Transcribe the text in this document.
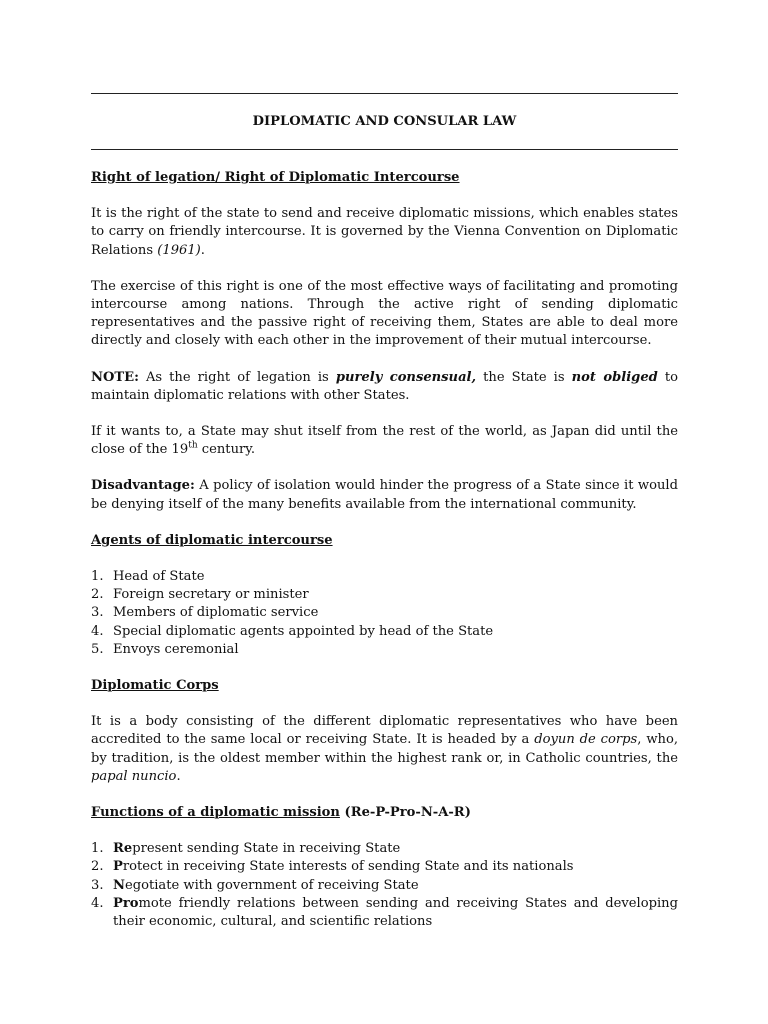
DIPLOMATIC AND CONSULAR LAW

Right of legation/ Right of Diplomatic Intercourse

It is the right of the state to send and receive diplomatic missions, which enables states to carry on friendly intercourse. It is governed by the Vienna Convention on Diplomatic Relations (1961).

The exercise of this right is one of the most effective ways of facilitating and promoting intercourse among nations. Through the active right of sending diplomatic representatives and the passive right of receiving them, States are able to deal more directly and closely with each other in the improvement of their mutual intercourse.

NOTE: As the right of legation is purely consensual, the State is not obliged to maintain diplomatic relations with other States.

If it wants to, a State may shut itself from the rest of the world, as Japan did until the close of the 19th century.

Disadvantage: A policy of isolation would hinder the progress of a State since it would be denying itself of the many benefits available from the international community.

Agents of diplomatic intercourse

1. Head of State
2. Foreign secretary or minister
3. Members of diplomatic service
4. Special diplomatic agents appointed by head of the State
5. Envoys ceremonial

Diplomatic Corps

It is a body consisting of the different diplomatic representatives who have been accredited to the same local or receiving State. It is headed by a doyun de corps, who, by tradition, is the oldest member within the highest rank or, in Catholic countries, the papal nuncio.

Functions of a diplomatic mission (Re-P-Pro-N-A-R)

1. Represent sending State in receiving State
2. Protect in receiving State interests of sending State and its nationals
3. Negotiate with government of receiving State
4. Promote friendly relations between sending and receiving States and developing their economic, cultural, and scientific relations
